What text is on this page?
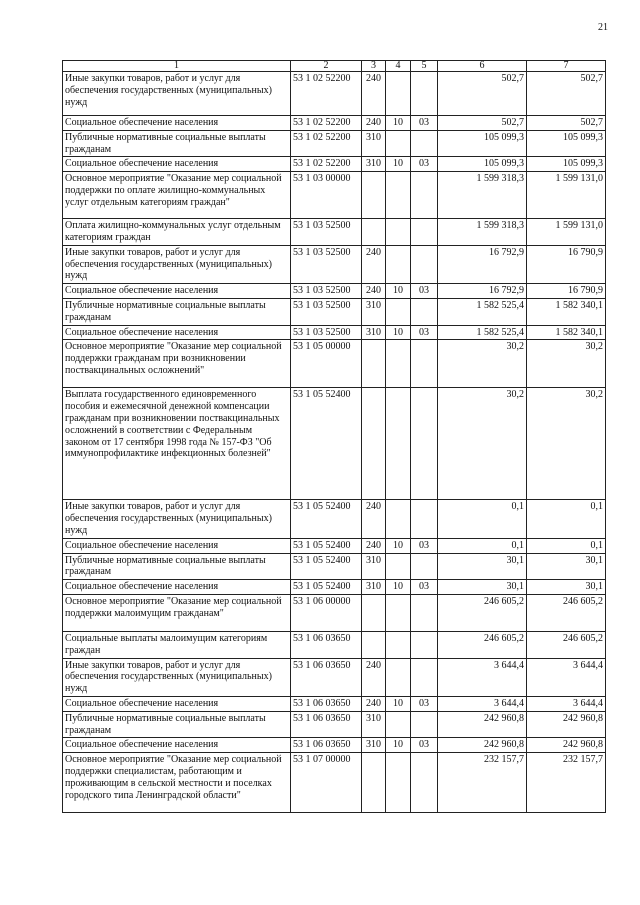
21
1	2	3	4	5	6	7
Иные закупки товаров, работ и услуг для обеспечения государственных (муниципальных) нужд	53 1 02 52200	240			502,7	502,7
Социальное обеспечение населения	53 1 02 52200	240	10	03	502,7	502,7
Публичные нормативные социальные выплаты гражданам	53 1 02 52200	310			105 099,3	105 099,3
Социальное обеспечение населения	53 1 02 52200	310	10	03	105 099,3	105 099,3
Основное мероприятие "Оказание мер социальной поддержки по оплате жилищно-коммунальных услуг отдельным категориям граждан"	53 1 03 00000				1 599 318,3	1 599 131,0
Оплата жилищно-коммунальных услуг отдельным категориям граждан	53 1 03 52500				1 599 318,3	1 599 131,0
Иные закупки товаров, работ и услуг для обеспечения государственных (муниципальных) нужд	53 1 03 52500	240			16 792,9	16 790,9
Социальное обеспечение населения	53 1 03 52500	240	10	03	16 792,9	16 790,9
Публичные нормативные социальные выплаты гражданам	53 1 03 52500	310			1 582 525,4	1 582 340,1
Социальное обеспечение населения	53 1 03 52500	310	10	03	1 582 525,4	1 582 340,1
Основное мероприятие "Оказание мер социальной поддержки гражданам при возникновении поствакцинальных осложнений"	53 1 05 00000				30,2	30,2
Выплата государственного единовременного пособия и ежемесячной денежной компенсации гражданам при возникновении поствакцинальных осложнений в соответствии с Федеральным законом от 17 сентября 1998 года № 157-ФЗ "Об иммунопрофилактике инфекционных болезней"	53 1 05 52400				30,2	30,2
Иные закупки товаров, работ и услуг для обеспечения государственных (муниципальных) нужд	53 1 05 52400	240			0,1	0,1
Социальное обеспечение населения	53 1 05 52400	240	10	03	0,1	0,1
Публичные нормативные социальные выплаты гражданам	53 1 05 52400	310			30,1	30,1
Социальное обеспечение населения	53 1 05 52400	310	10	03	30,1	30,1
Основное мероприятие "Оказание мер социальной поддержки малоимущим гражданам"	53 1 06 00000				246 605,2	246 605,2
Социальные выплаты малоимущим категориям граждан	53 1 06 03650				246 605,2	246 605,2
Иные закупки товаров, работ и услуг для обеспечения государственных (муниципальных) нужд	53 1 06 03650	240			3 644,4	3 644,4
Социальное обеспечение населения	53 1 06 03650	240	10	03	3 644,4	3 644,4
Публичные нормативные социальные выплаты гражданам	53 1 06 03650	310			242 960,8	242 960,8
Социальное обеспечение населения	53 1 06 03650	310	10	03	242 960,8	242 960,8
Основное мероприятие "Оказание мер социальной поддержки специалистам, работающим и проживающим в сельской местности и поселках городского типа Ленинградской области"	53 1 07 00000				232 157,7	232 157,7
